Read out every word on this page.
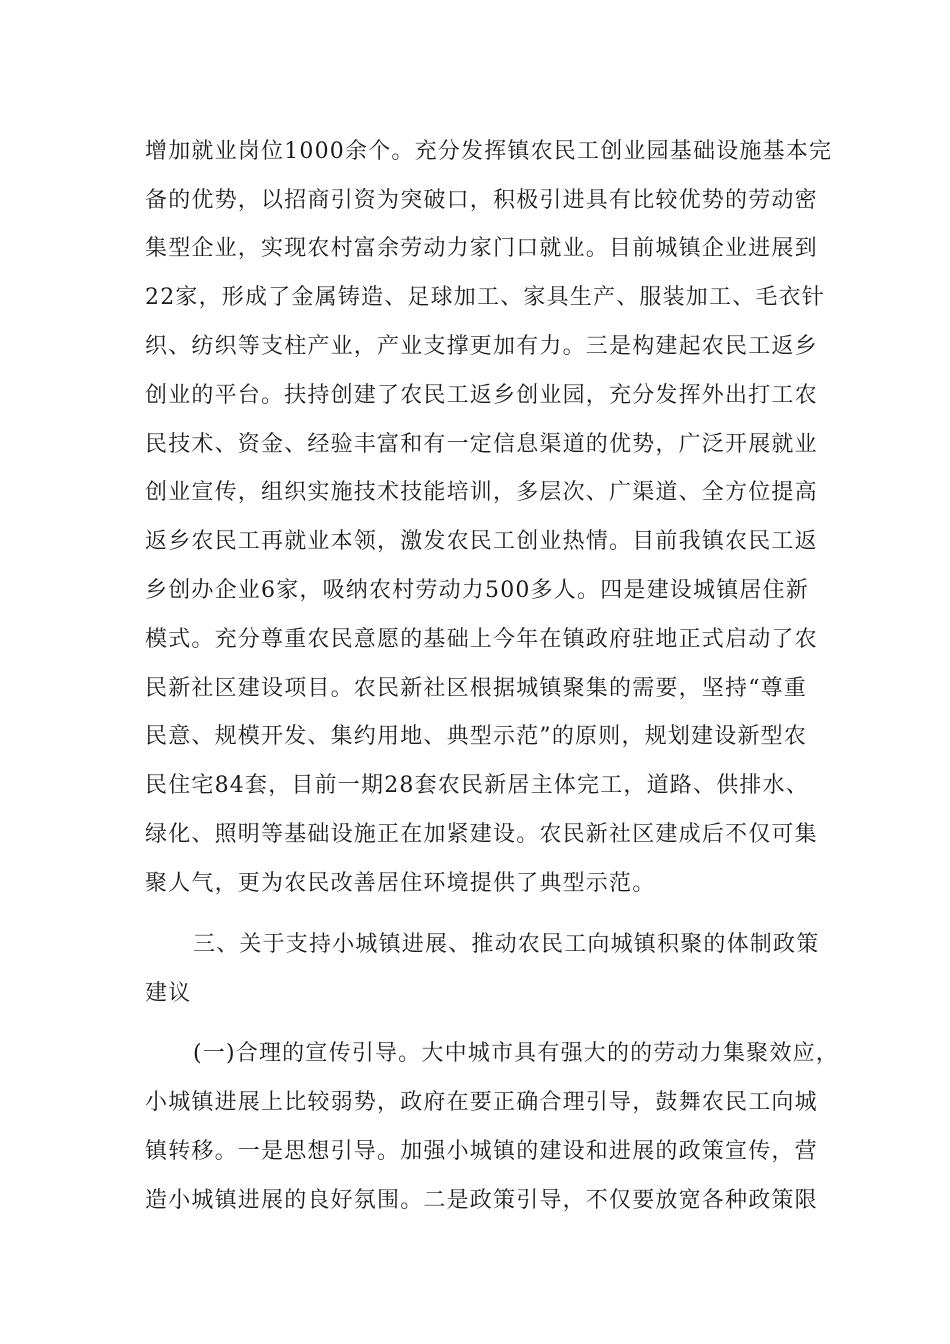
增加就业岗位1000余个。充分发挥镇农民工创业园基础设施基本完
备的优势，以招商引资为突破口，积极引进具有比较优势的劳动密
集型企业，实现农村富余劳动力家门口就业。目前城镇企业进展到
22家，形成了金属铸造、足球加工、家具生产、服装加工、毛衣针
织、纺织等支柱产业，产业支撑更加有力。三是构建起农民工返乡
创业的平台。扶持创建了农民工返乡创业园，充分发挥外出打工农
民技术、资金、经验丰富和有一定信息渠道的优势，广泛开展就业
创业宣传，组织实施技术技能培训，多层次、广渠道、全方位提高
返乡农民工再就业本领，激发农民工创业热情。目前我镇农民工返
乡创办企业6家，吸纳农村劳动力500多人。四是建设城镇居住新
模式。充分尊重农民意愿的基础上今年在镇政府驻地正式启动了农
民新社区建设项目。农民新社区根据城镇聚集的需要，坚持“尊重
民意、规模开发、集约用地、典型示范”的原则，规划建设新型农
民住宅84套，目前一期28套农民新居主体完工，道路、供排水、
绿化、照明等基础设施正在加紧建设。农民新社区建成后不仅可集
聚人气，更为农民改善居住环境提供了典型示范。
三、关于支持小城镇进展、推动农民工向城镇积聚的体制政策
建议
(一)合理的宣传引导。大中城市具有强大的的劳动力集聚效应，
小城镇进展上比较弱势，政府在要正确合理引导，鼓舞农民工向城
镇转移。一是思想引导。加强小城镇的建设和进展的政策宣传，营
造小城镇进展的良好氛围。二是政策引导，不仅要放宽各种政策限
